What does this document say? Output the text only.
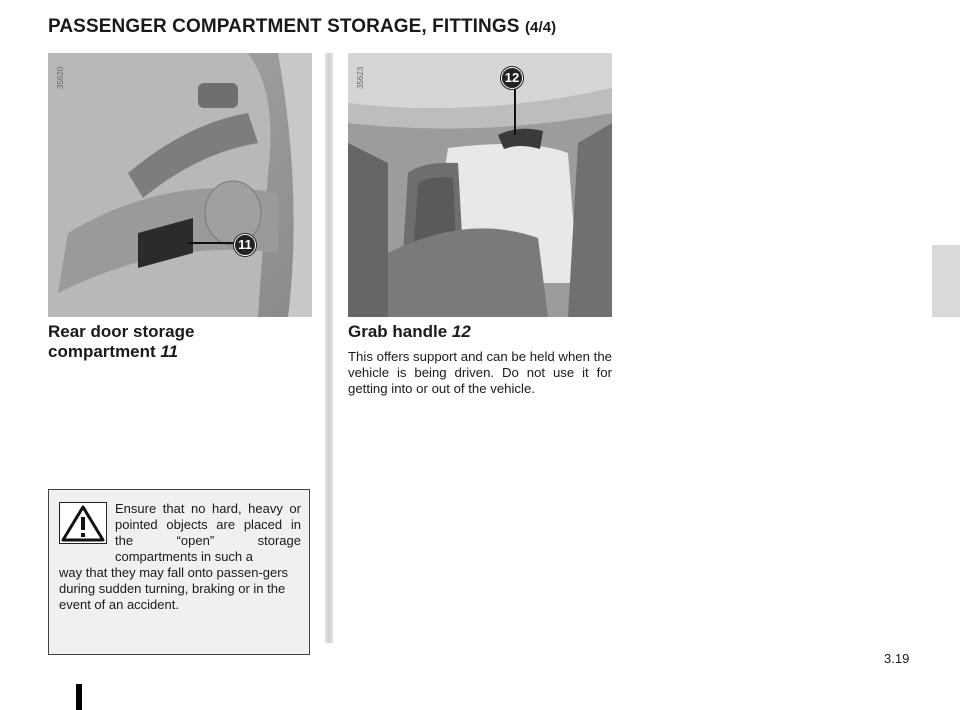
PASSENGER COMPARTMENT STORAGE, FITTINGS (4/4)
35620
11
35623	12
Rear door storage compartment 11
Grab handle 12

This offers support and can be held when the vehicle is being driven. Do not use it for getting into or out of the vehicle.

Ensure that no hard, heavy or pointed objects are placed in the “open” storage compartments in such a

way that they may fall onto passen-gers during sudden turning, braking or in the event of an accident.

3.19
